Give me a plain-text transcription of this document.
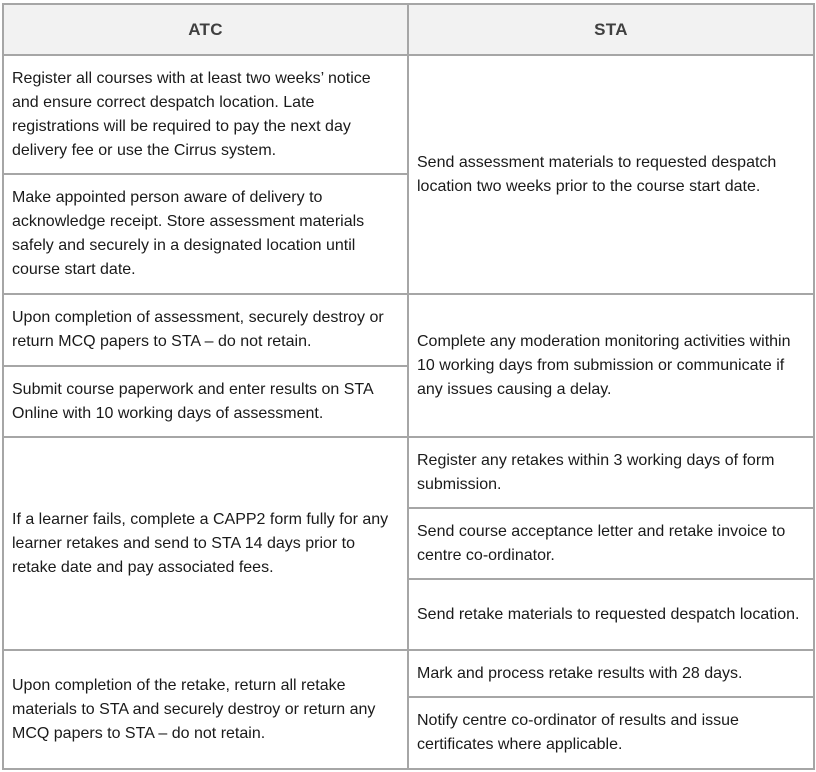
ATC	STA
Register all courses with at least two weeks’ notice and ensure correct despatch location. Late registrations will be required to pay the next day delivery fee or use the Cirrus system.	Send assessment materials to requested despatch location two weeks prior to the course start date.
Make appointed person aware of delivery to acknowledge receipt. Store assessment materials safely and securely in a designated location until course start date.	
Upon completion of assessment, securely destroy or return MCQ papers to STA – do not retain.	Complete any moderation monitoring activities within 10 working days from submission or communicate if any issues causing a delay.
Submit course paperwork and enter results on STA Online with 10 working days of assessment.	
If a learner fails, complete a CAPP2 form fully for any learner retakes and send to STA 14 days prior to retake date and pay associated fees.	Register any retakes within 3 working days of form submission.
	Send course acceptance letter and retake invoice to centre co-ordinator.
	Send retake materials to requested despatch location.
Upon completion of the retake, return all retake materials to STA and securely destroy or return any MCQ papers to STA – do not retain.	Mark and process retake results with 28 days.
	Notify centre co-ordinator of results and issue certificates where applicable.
